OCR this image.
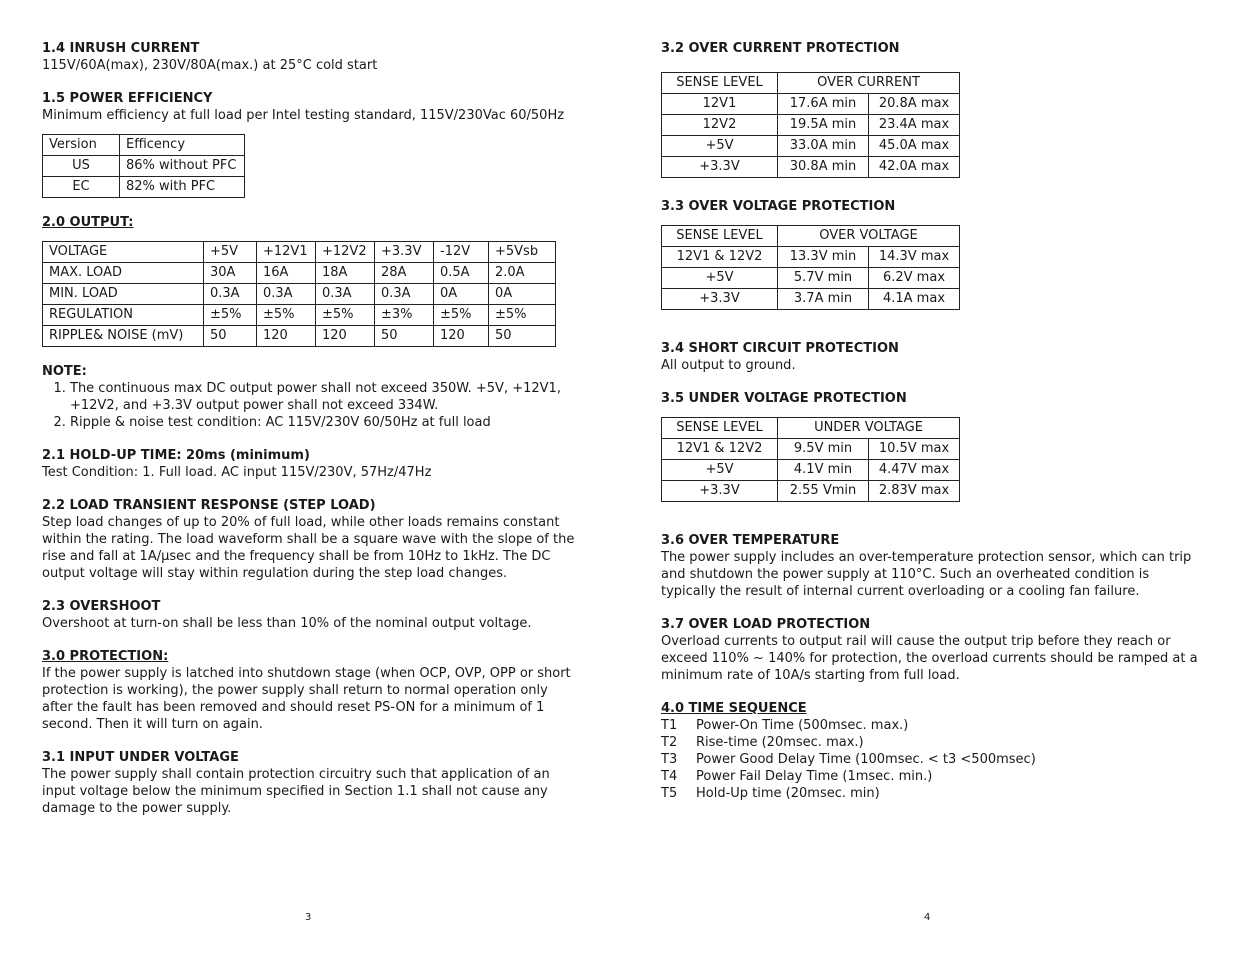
1.4 INRUSH CURRENT

115V/60A(max), 230V/80A(max.) at 25°C cold start

1.5 POWER EFFICIENCY

Minimum efficiency at full load per Intel testing standard, 115V/230Vac 60/50Hz

Version	Efficency
US	86% without PFC
EC	82% with PFC

2.0 OUTPUT:

VOLTAGE	+5V	+12V1	+12V2	+3.3V	-12V	+5Vsb
MAX. LOAD	30A	16A	18A	28A	0.5A	2.0A
MIN. LOAD	0.3A	0.3A	0.3A	0.3A	0A	0A
REGULATION	±5%	±5%	±5%	±3%	±5%	±5%
RIPPLE& NOISE (mV)	50	120	120	50	120	50

NOTE:

1. The continuous max DC output power shall not exceed 350W. +5V, +12V1, +12V2, and +3.3V output power shall not exceed 334W.
2. Ripple & noise test condition: AC 115V/230V 60/50Hz at full load

2.1 HOLD-UP TIME: 20ms (minimum)

Test Condition: 1. Full load. AC input 115V/230V, 57Hz/47Hz

2.2 LOAD TRANSIENT RESPONSE (STEP LOAD)

Step load changes of up to 20% of full load, while other loads remains constant within the rating. The load waveform shall be a square wave with the slope of the rise and fall at 1A/μsec and the frequency shall be from 10Hz to 1kHz. The DC output voltage will stay within regulation during the step load changes.

2.3 OVERSHOOT

Overshoot at turn-on shall be less than 10% of the nominal output voltage.

3.0 PROTECTION:

If the power supply is latched into shutdown stage (when OCP, OVP, OPP or short protection is working), the power supply shall return to normal operation only after the fault has been removed and should reset PS-ON for a minimum of 1 second. Then it will turn on again.

3.1 INPUT UNDER VOLTAGE

The power supply shall contain protection circuitry such that application of an input voltage below the minimum specified in Section 1.1 shall not cause any damage to the power supply.

3

3.2 OVER CURRENT PROTECTION

SENSE LEVEL	OVER CURRENT	
12V1	17.6A min	20.8A max
12V2	19.5A min	23.4A max
+5V	33.0A min	45.0A max
+3.3V	30.8A min	42.0A max

3.3 OVER VOLTAGE PROTECTION

SENSE LEVEL	OVER VOLTAGE	
12V1 & 12V2	13.3V min	14.3V max
+5V	5.7V min	6.2V max
+3.3V	3.7A min	4.1A max

3.4 SHORT CIRCUIT PROTECTION

All output to ground.

3.5 UNDER VOLTAGE PROTECTION

SENSE LEVEL	UNDER VOLTAGE	
12V1 & 12V2	9.5V min	10.5V max
+5V	4.1V min	4.47V max
+3.3V	2.55 Vmin	2.83V max

3.6 OVER TEMPERATURE

The power supply includes an over-temperature protection sensor, which can trip and shutdown the power supply at 110°C. Such an overheated condition is typically the result of internal current overloading or a cooling fan failure.

3.7 OVER LOAD PROTECTION

Overload currents to output rail will cause the output trip before they reach or exceed 110% ~ 140% for protection, the overload currents should be ramped at a minimum rate of 10A/s starting from full load.

4.0 TIME SEQUENCE

T1	Power-On Time (500msec. max.)
T2	Rise-time (20msec. max.)
T3	Power Good Delay Time (100msec. < t3 <500msec)
T4	Power Fail Delay Time (1msec. min.)
T5	Hold-Up time (20msec. min)
4
